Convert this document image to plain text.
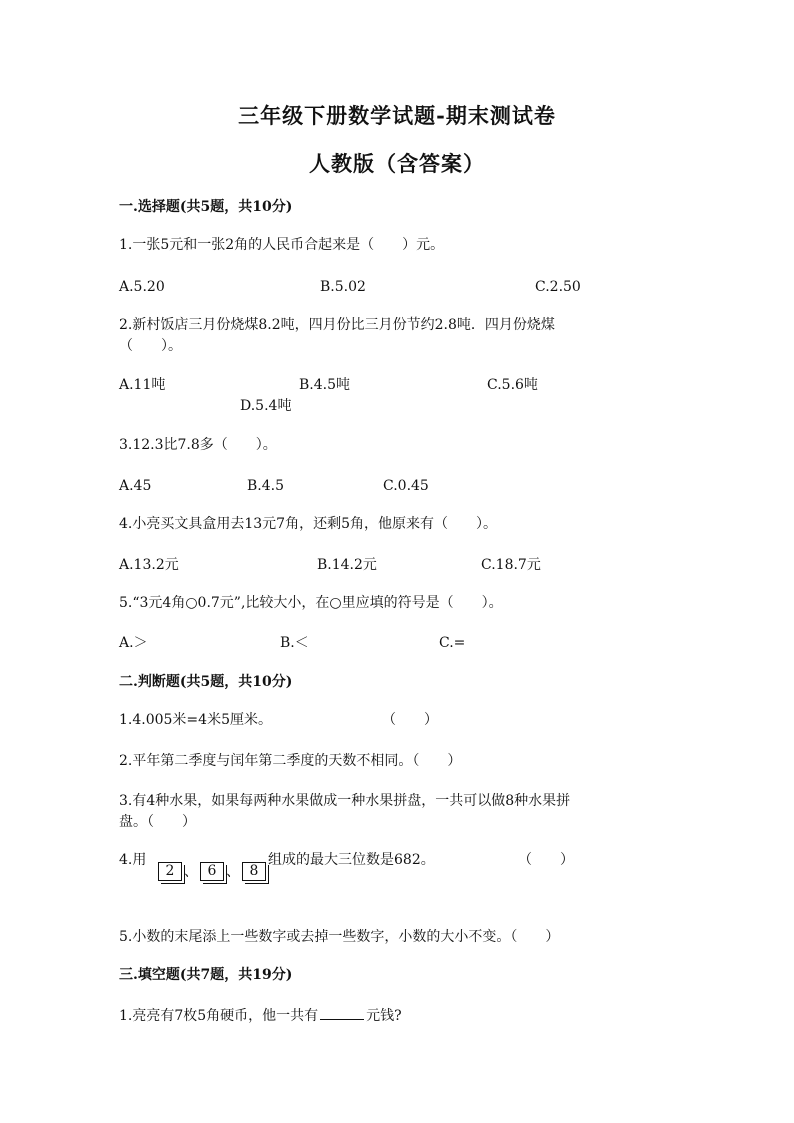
三年级下册数学试题-期末测试卷
人教版（含答案）
一.选择题(共5题，共10分)
1.一张5元和一张2角的人民币合起来是（　　）元。
A.5.20	B.5.02	C.2.50
2.新村饭店三月份烧煤8.2吨，四月份比三月份节约2.8吨．四月份烧煤
（　　）。
A.11吨	B.4.5吨	C.5.6吨
D.5.4吨
3.12.3比7.8多（　　）。
A.45	B.4.5	C.0.45
4.小亮买文具盒用去13元7角，还剩5角，他原来有（　　）。
A.13.2元	B.14.2元	C.18.7元
5.“3元4角○0.7元”,比较大小，在○里应填的符号是（　　）。
A.＞	B.＜	C.=
二.判断题(共5题，共10分)
1.4.005米=4米5厘米。	（　　）
2.平年第二季度与闰年第二季度的天数不相同。（　　）
3.有4种水果，如果每两种水果做成一种水果拼盘，一共可以做8种水果拼
盘。（　　）
4.用
2 、 6 、 8
组成的最大三位数是682。	（　　）
5.小数的末尾添上一些数字或去掉一些数字，小数的大小不变。（　　）
三.填空题(共7题，共19分)
1.亮亮有7枚5角硬币，他一共有	元钱?
